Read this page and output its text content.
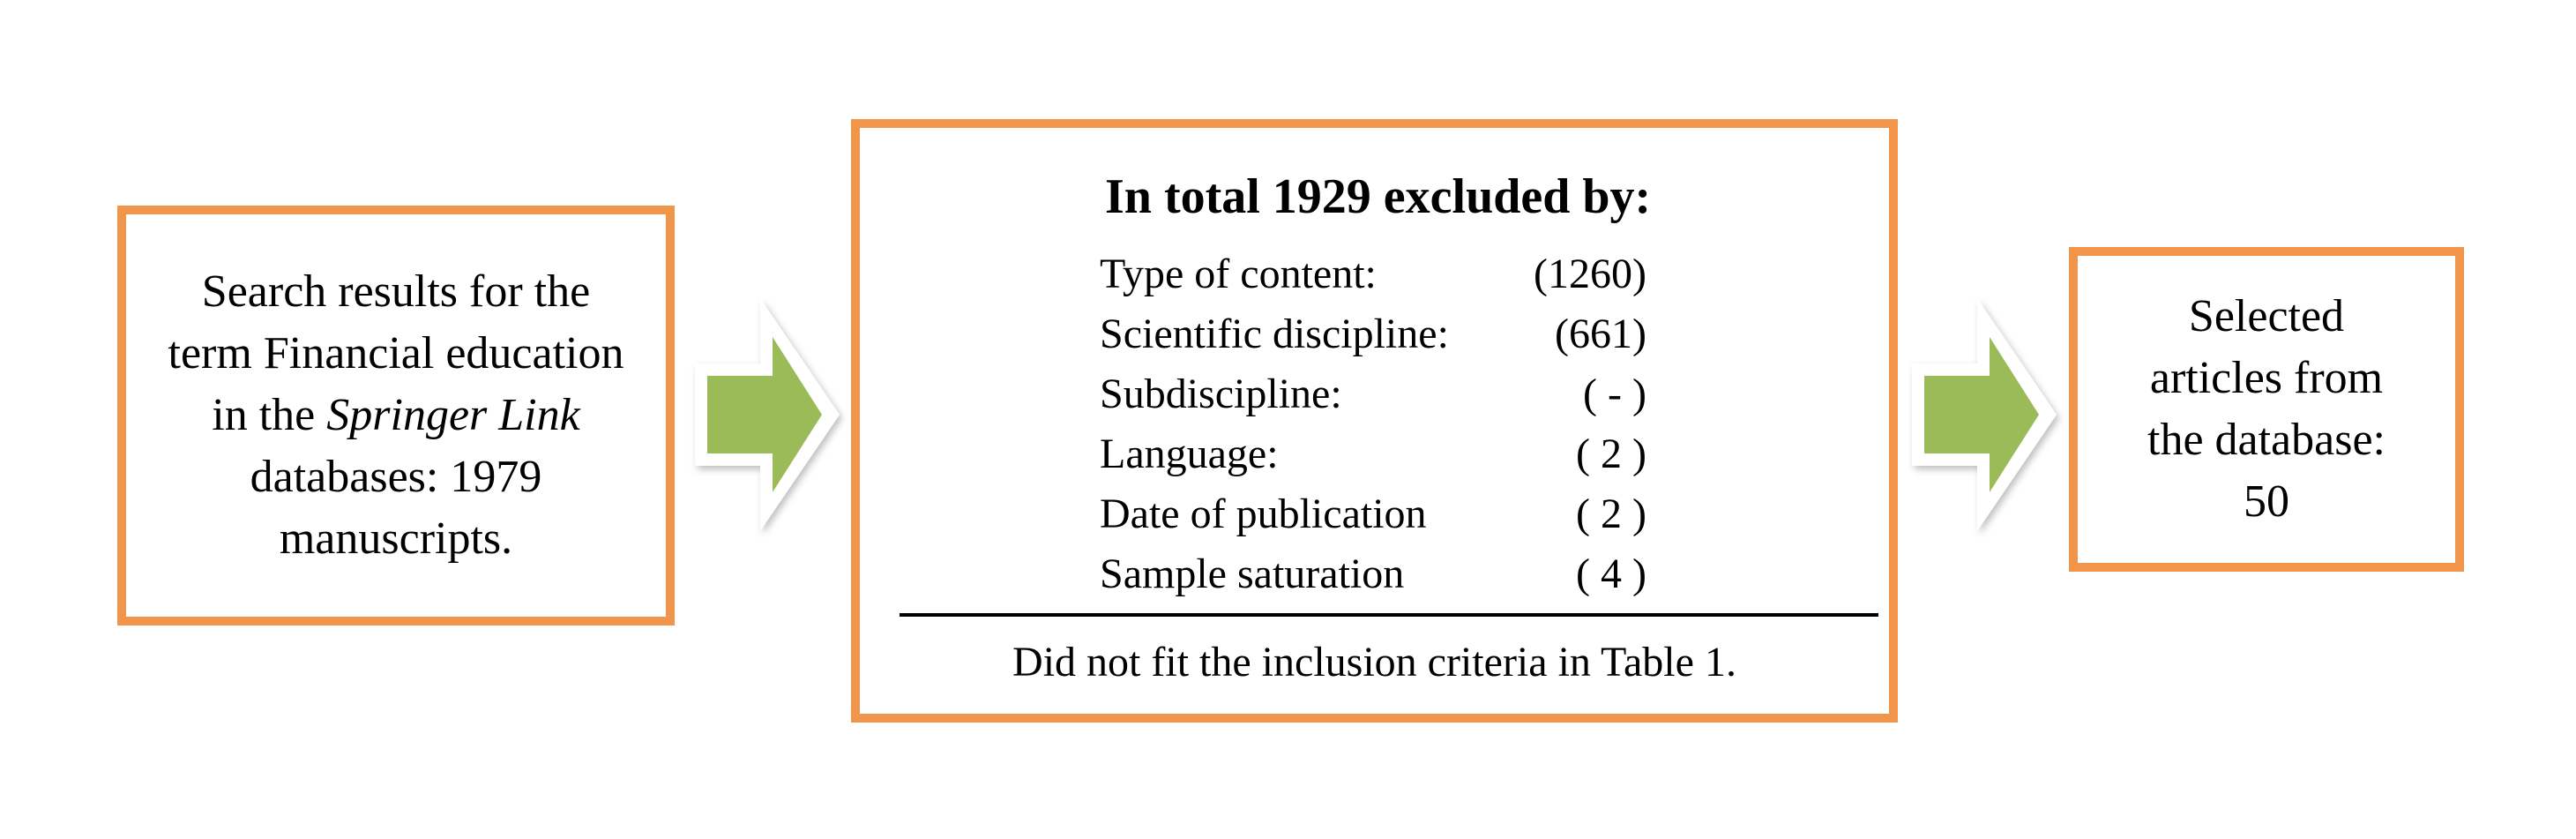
Search results for the
term Financial education
in the Springer Link
databases: 1979
manuscripts.
In total 1929 excluded by:
Type of content:	(1260)
Scientific discipline:	(661)
Subdiscipline:	( - )
Language:	( 2 )
Date of publication	( 2 )
Sample saturation	( 4 )
Did not fit the inclusion criteria in Table 1.
Selected
articles from
the database:
50
